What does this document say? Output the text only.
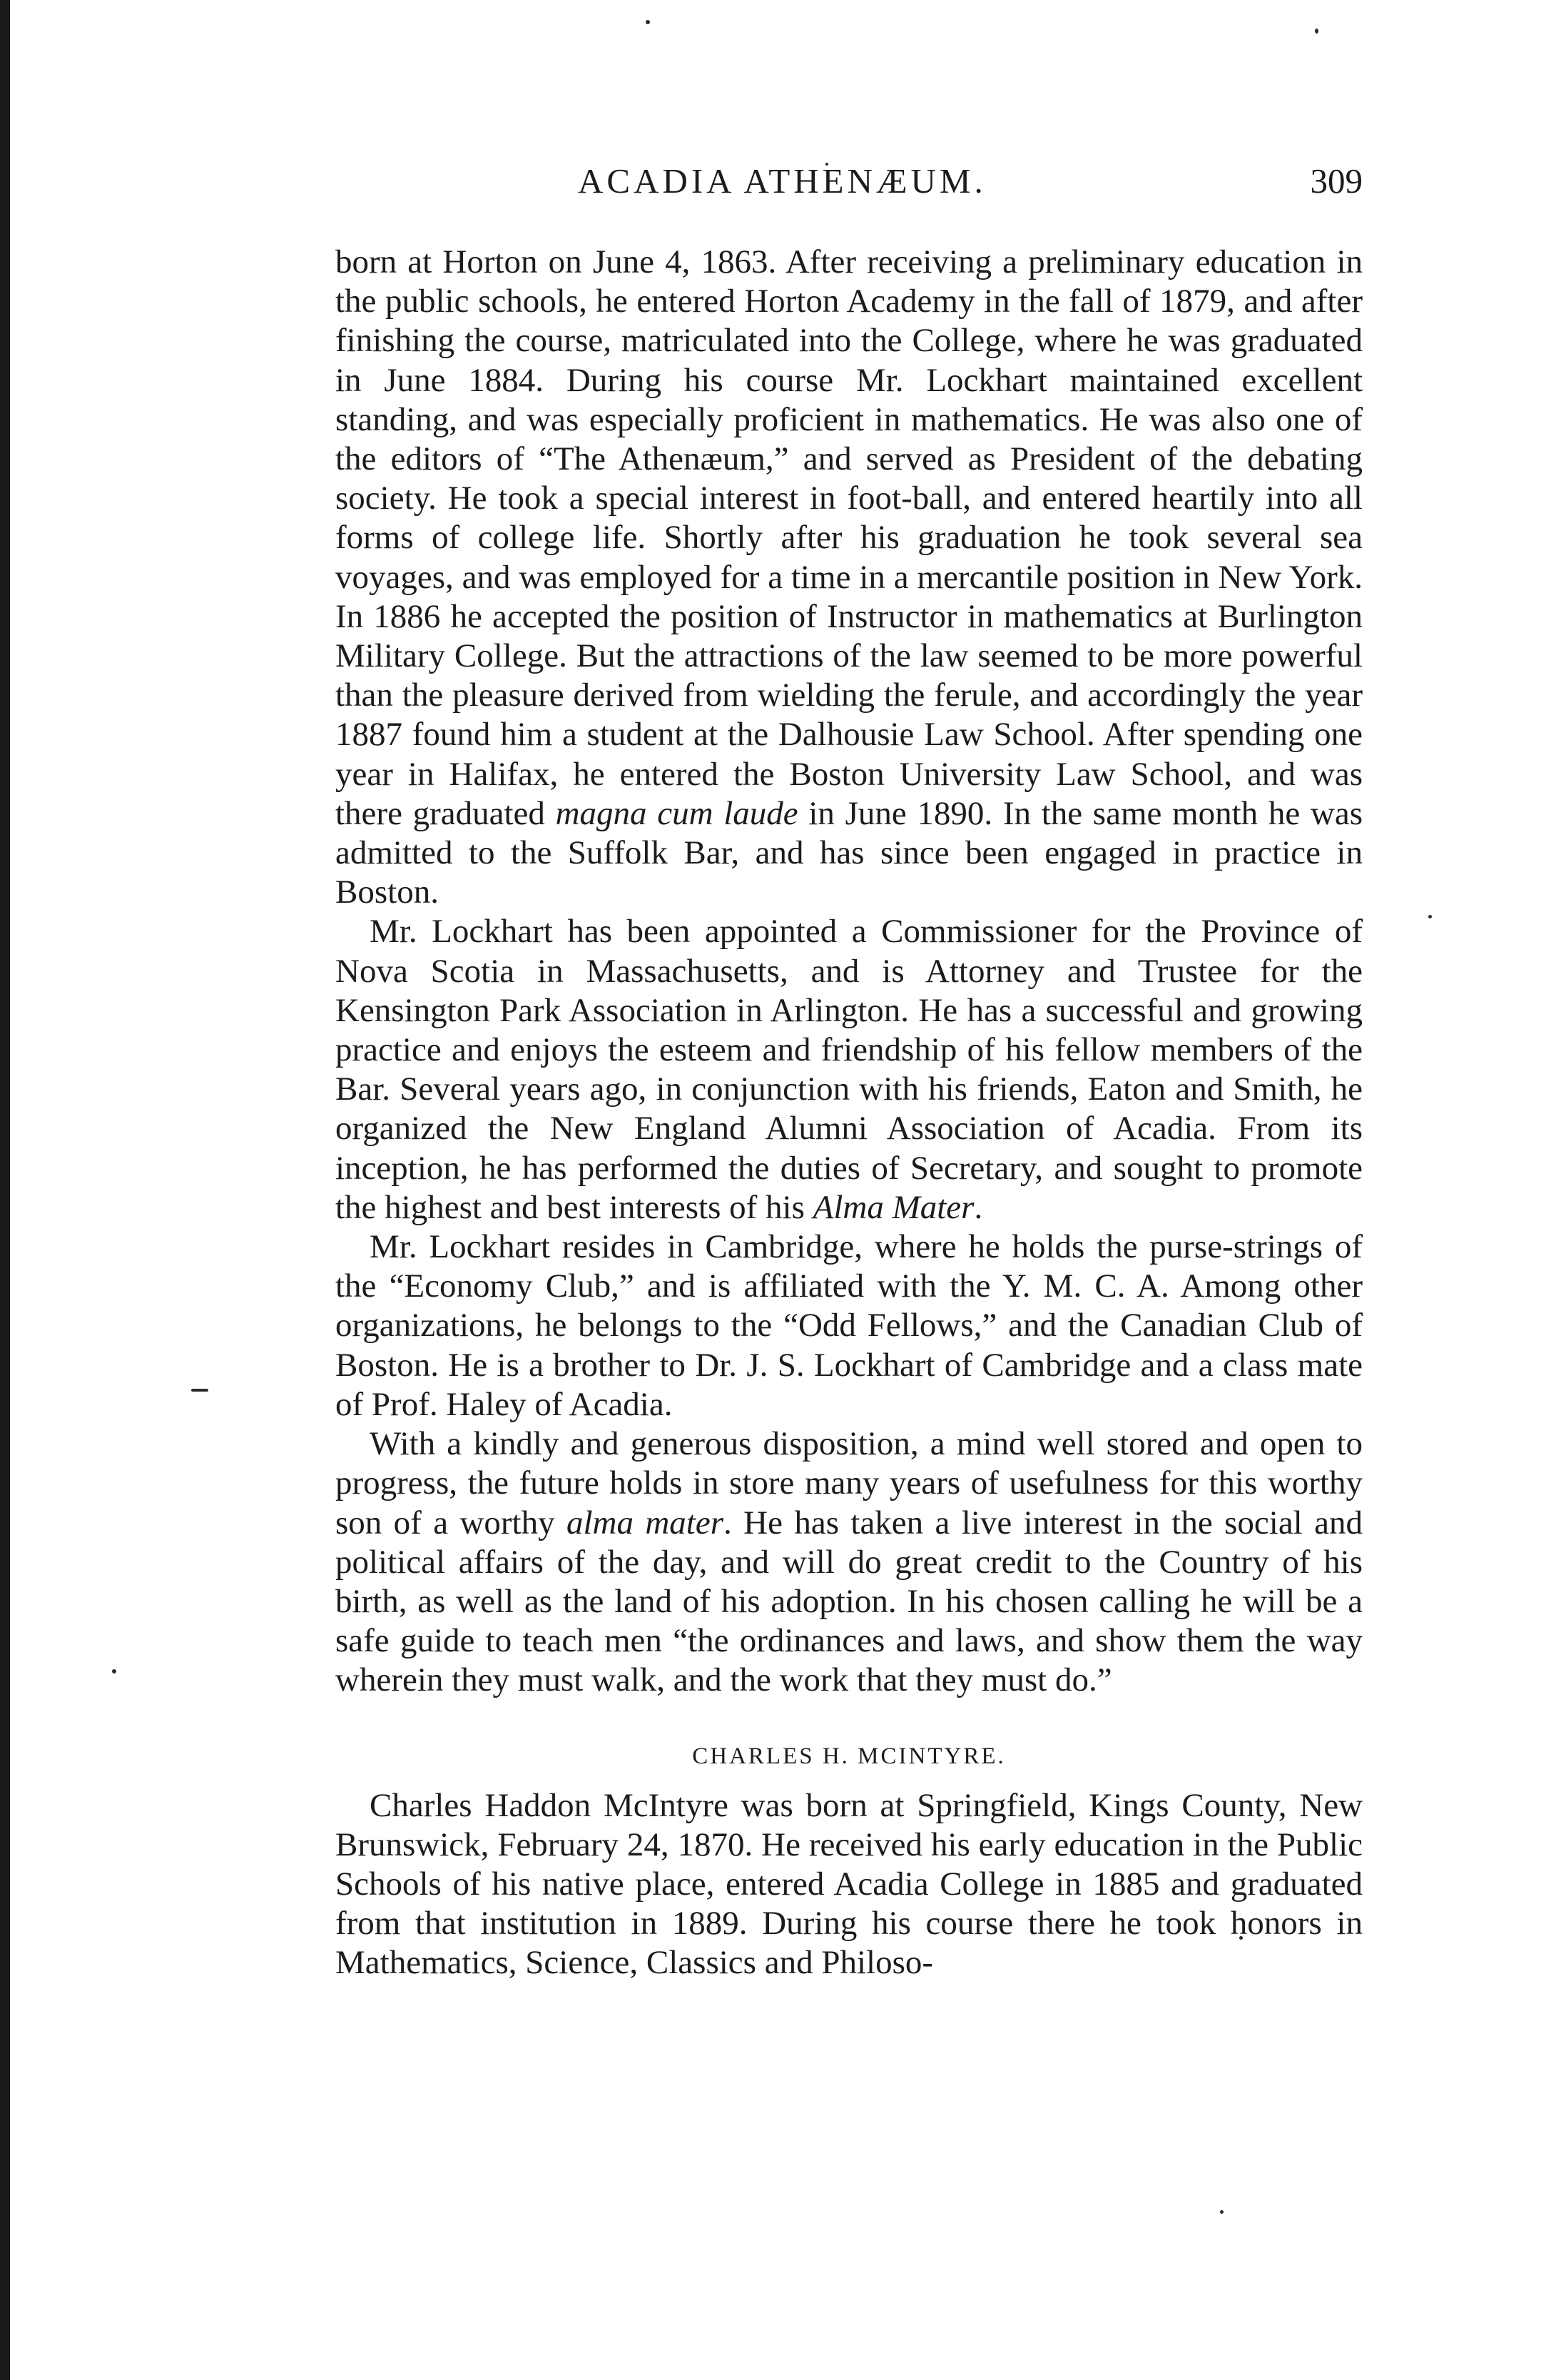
ACADIA ATHENÆUM.	309

born at Horton on June 4, 1863. After receiving a preliminary education in the public schools, he entered Horton Academy in the fall of 1879, and after finishing the course, matriculated into the College, where he was graduated in June 1884. During his course Mr. Lockhart maintained excellent standing, and was especially proficient in mathematics. He was also one of the editors of “The Athenæum,” and served as President of the debating society. He took a special interest in foot-ball, and entered heartily into all forms of college life. Shortly after his graduation he took several sea voyages, and was employed for a time in a mercantile position in New York. In 1886 he accepted the position of Instructor in mathematics at Burlington Military College. But the attractions of the law seemed to be more powerful than the pleasure derived from wielding the ferule, and accordingly the year 1887 found him a student at the Dalhousie Law School. After spending one year in Halifax, he entered the Boston University Law School, and was there graduated magna cum laude in June 1890. In the same month he was admitted to the Suffolk Bar, and has since been engaged in practice in Boston.

Mr. Lockhart has been appointed a Commissioner for the Province of Nova Scotia in Massachusetts, and is Attorney and Trustee for the Kensington Park Association in Arlington. He has a successful and growing practice and enjoys the esteem and friendship of his fellow members of the Bar. Several years ago, in conjunction with his friends, Eaton and Smith, he organized the New England Alumni Association of Acadia. From its inception, he has performed the duties of Secretary, and sought to promote the highest and best interests of his Alma Mater.

Mr. Lockhart resides in Cambridge, where he holds the purse-strings of the “Economy Club,” and is affiliated with the Y. M. C. A. Among other organizations, he belongs to the “Odd Fellows,” and the Canadian Club of Boston. He is a brother to Dr. J. S. Lockhart of Cambridge and a class mate of Prof. Haley of Acadia.

With a kindly and generous disposition, a mind well stored and open to progress, the future holds in store many years of usefulness for this worthy son of a worthy alma mater. He has taken a live interest in the social and political affairs of the day, and will do great credit to the Country of his birth, as well as the land of his adoption. In his chosen calling he will be a safe guide to teach men “the ordinances and laws, and show them the way wherein they must walk, and the work that they must do.”

CHARLES H. MCINTYRE.

Charles Haddon McIntyre was born at Springfield, Kings County, New Brunswick, February 24, 1870. He received his early education in the Public Schools of his native place, entered Acadia College in 1885 and graduated from that institution in 1889. During his course there he took honors in Mathematics, Science, Classics and Philoso-
